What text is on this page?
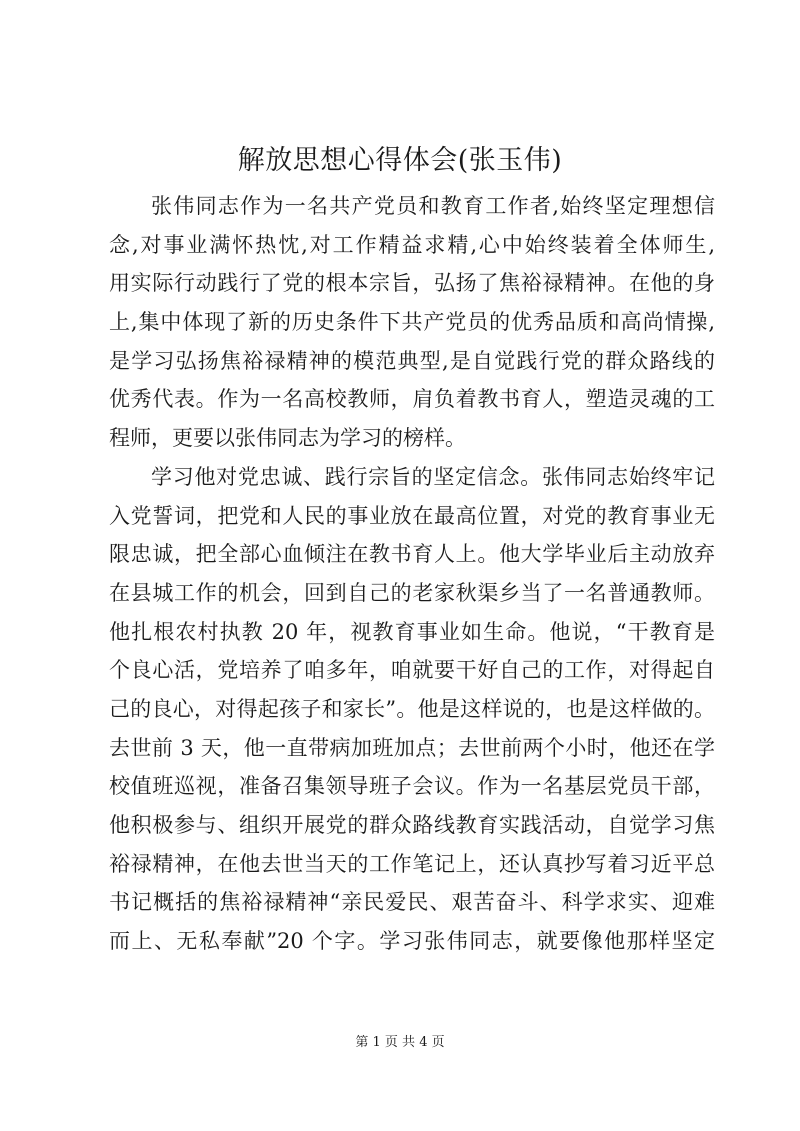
解放思想心得体会(张玉伟)
张伟同志作为一名共产党员和教育工作者,始终坚定理想信
念,对事业满怀热忱,对工作精益求精,心中始终装着全体师生,
用实际行动践行了党的根本宗旨，弘扬了焦裕禄精神。在他的身
上,集中体现了新的历史条件下共产党员的优秀品质和高尚情操,
是学习弘扬焦裕禄精神的模范典型,是自觉践行党的群众路线的
优秀代表。作为一名高校教师，肩负着教书育人，塑造灵魂的工
程师，更要以张伟同志为学习的榜样。
学习他对党忠诚、践行宗旨的坚定信念。张伟同志始终牢记
入党誓词，把党和人民的事业放在最高位置，对党的教育事业无
限忠诚，把全部心血倾注在教书育人上。他大学毕业后主动放弃
在县城工作的机会，回到自己的老家秋渠乡当了一名普通教师。
他扎根农村执教 20 年，视教育事业如生命。他说，“干教育是
个良心活，党培养了咱多年，咱就要干好自己的工作，对得起自
己的良心，对得起孩子和家长”。他是这样说的，也是这样做的。
去世前 3 天，他一直带病加班加点；去世前两个小时，他还在学
校值班巡视，准备召集领导班子会议。作为一名基层党员干部，
他积极参与、组织开展党的群众路线教育实践活动，自觉学习焦
裕禄精神，在他去世当天的工作笔记上，还认真抄写着习近平总
书记概括的焦裕禄精神“亲民爱民、艰苦奋斗、科学求实、迎难
而上、无私奉献”20 个字。学习张伟同志，就要像他那样坚定
第 1 页 共 4 页
